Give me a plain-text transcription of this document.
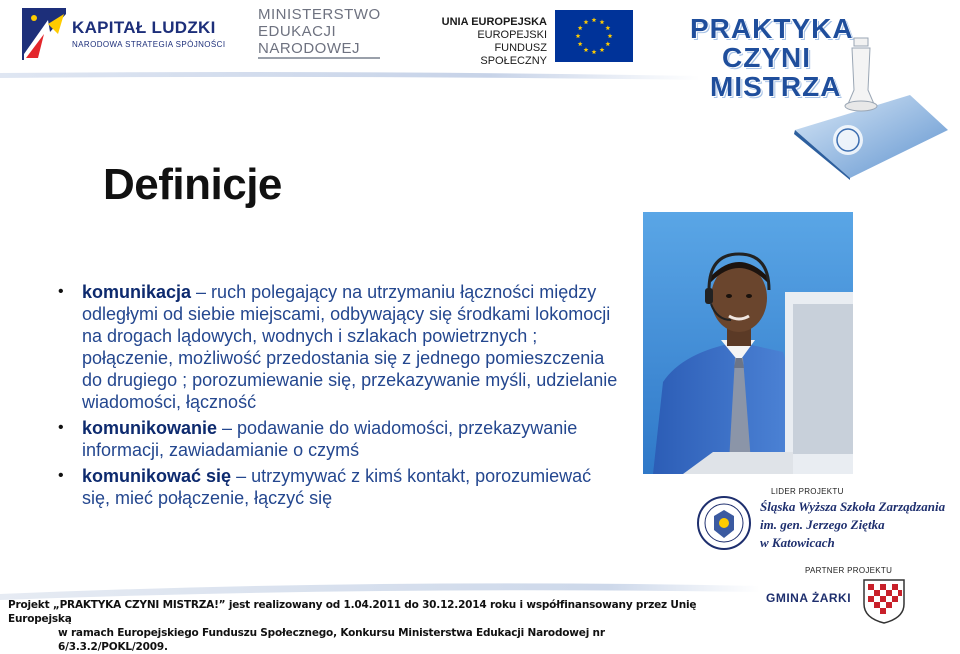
KAPITAŁ LUDZKI
NARODOWA STRATEGIA SPÓJNOŚCI
MINISTERSTWO
EDUKACJI
NARODOWEJ
UNIA EUROPEJSKA
EUROPEJSKI
FUNDUSZ SPOŁECZNY
PRAKTYKA
CZYNI
MISTRZA
Definicje
• komunikacja – ruch polegający na utrzymaniu łączności między odległymi od siebie miejscami, odbywający się środkami lokomocji na drogach lądowych, wodnych i szlakach powietrznych ; połączenie, możliwość przedostania się z jednego pomieszczenia do drugiego ; porozumiewanie się, przekazywanie myśli, udzielanie wiadomości, łączność
• komunikowanie – podawanie do wiadomości, przekazywanie informacji, zawiadamianie o czymś
• komunikować się – utrzymywać z kimś kontakt, porozumiewać się, mieć połączenie, łączyć się	LIDER PROJEKTU
Śląska Wyższa Szkoła Zarządzania
im. gen. Jerzego Ziętka
w Katowicach
PARTNER PROJEKTU
GMINA ŻARKI
Projekt „PRAKTYKA CZYNI MISTRZA!” jest realizowany od 1.04.2011 do 30.12.2014 roku i współfinansowany przez Unię Europejską
w ramach Europejskiego Funduszu Społecznego, Konkursu Ministerstwa Edukacji Narodowej nr 6/3.3.2/POKL/2009.
